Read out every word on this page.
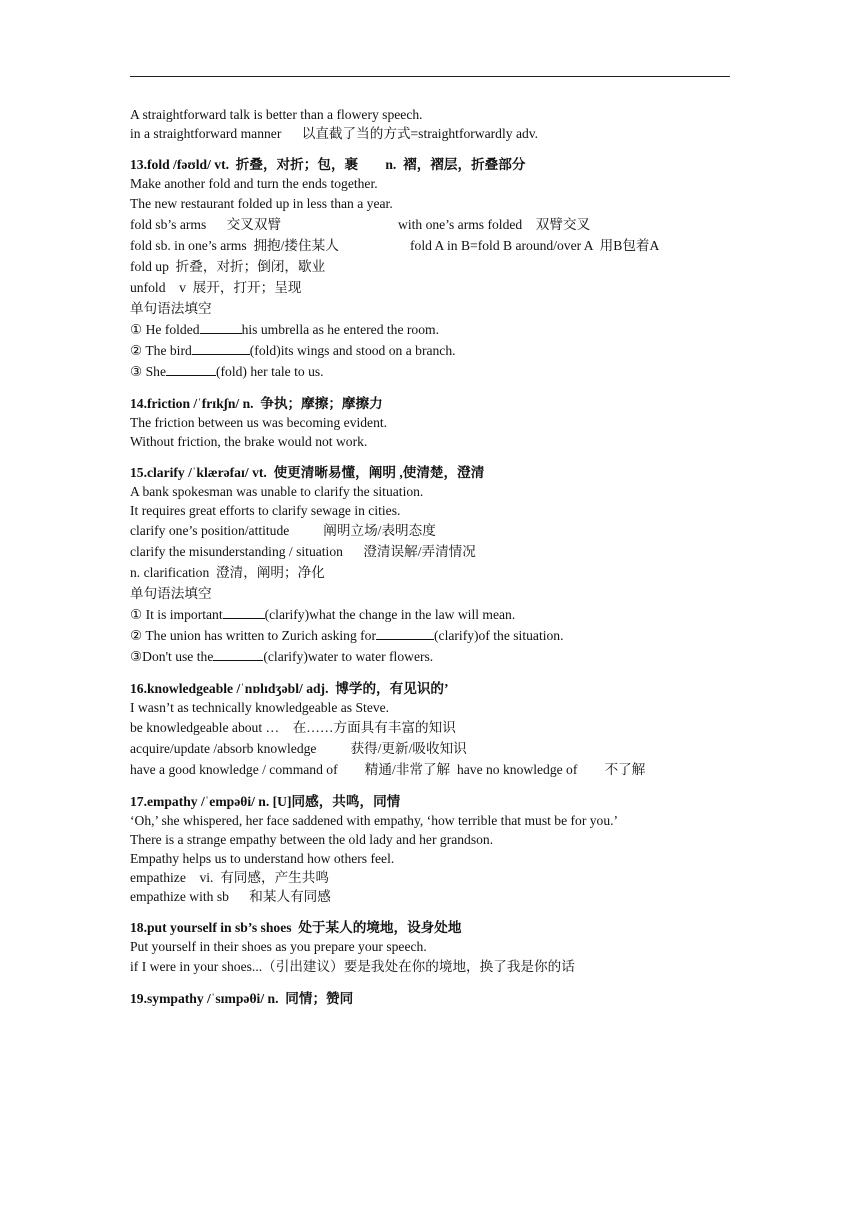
A straightforward talk is better than a flowery speech.
in a straightforward manner      以直截了当的方式=straightforwardly adv.
13.fold /fəʊld/ vt.  折叠，对折；包，裹        n.  褶，褶层，折叠部分
Make another fold and turn the ends together.
The new restaurant folded up in less than a year.
fold sb’s arms      交叉双臂	with one’s arms folded    双臂交叉
fold sb. in one’s arms  拥抱/搂住某人	fold A in B=fold B around/over A  用B包着A
fold up  折叠，对折；倒闭，歇业
unfold    v  展开，打开；呈现
单句语法填空
① He folded	his umbrella as he entered the room.
② The bird	(fold)its wings and stood on a branch.
③ She	(fold) her tale to us.
14.friction /ˈfrɪkʃn/ n.  争执；摩擦；摩擦力
The friction between us was becoming evident.
Without friction, the brake would not work.
15.clarify /ˈklærəfaɪ/ vt.  使更清晰易懂，阐明 ,使清楚，澄清
A bank spokesman was unable to clarify the situation.
It requires great efforts to clarify sewage in cities.
clarify one’s position/attitude          阐明立场/表明态度
clarify the misunderstanding / situation      澄清误解/弄清情况
n. clarification  澄清，阐明；净化
单句语法填空
① It is important	(clarify)what the change in the law will mean.
② The union has written to Zurich asking for	(clarify)of the situation.
③Don't use the	(clarify)water to water flowers.
16.knowledgeable /ˈnɒlɪdʒəbl/ adj.  博学的，有见识的’
I wasn’t as technically knowledgeable as Steve.
be knowledgeable about …    在……方面具有丰富的知识
acquire/update /absorb knowledge          获得/更新/吸收知识
have a good knowledge / command of        精通/非常了解  have no knowledge of        不了解
17.empathy /ˈempəθi/ n. [U]同感，共鸣，同情
‘Oh,’ she whispered, her face saddened with empathy, ‘how terrible that must be for you.’
There is a strange empathy between the old lady and her grandson.
Empathy helps us to understand how others feel.
empathize    vi.  有同感，产生共鸣
empathize with sb      和某人有同感
18.put yourself in sb’s shoes  处于某人的境地，设身处地
Put yourself in their shoes as you prepare your speech.
if I were in your shoes...（引出建议）要是我处在你的境地，换了我是你的话
19.sympathy /ˈsɪmpəθi/ n.  同情；赞同
